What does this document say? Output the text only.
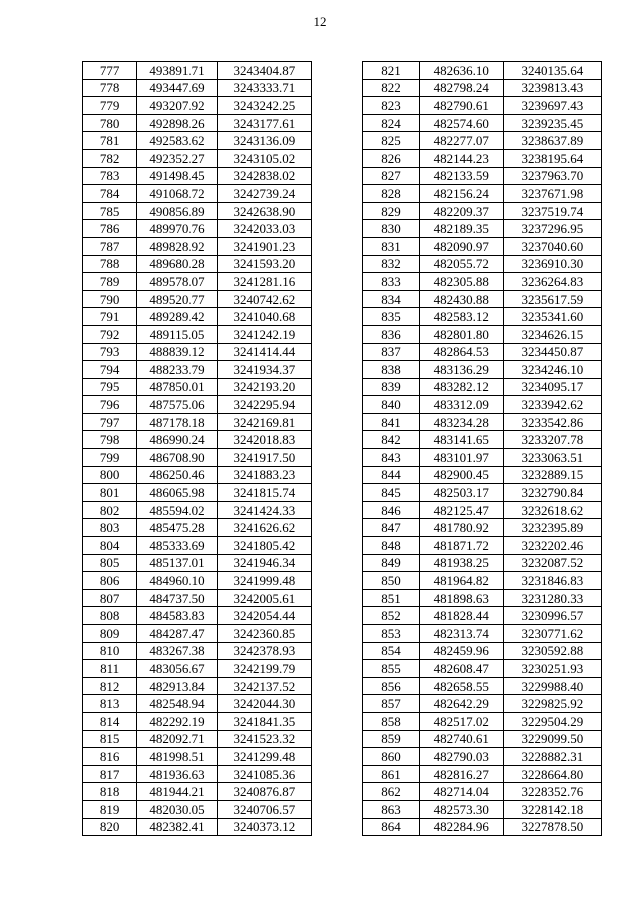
12
777	493891.71	3243404.87
778	493447.69	3243333.71
779	493207.92	3243242.25
780	492898.26	3243177.61
781	492583.62	3243136.09
782	492352.27	3243105.02
783	491498.45	3242838.02
784	491068.72	3242739.24
785	490856.89	3242638.90
786	489970.76	3242033.03
787	489828.92	3241901.23
788	489680.28	3241593.20
789	489578.07	3241281.16
790	489520.77	3240742.62
791	489289.42	3241040.68
792	489115.05	3241242.19
793	488839.12	3241414.44
794	488233.79	3241934.37
795	487850.01	3242193.20
796	487575.06	3242295.94
797	487178.18	3242169.81
798	486990.24	3242018.83
799	486708.90	3241917.50
800	486250.46	3241883.23
801	486065.98	3241815.74
802	485594.02	3241424.33
803	485475.28	3241626.62
804	485333.69	3241805.42
805	485137.01	3241946.34
806	484960.10	3241999.48
807	484737.50	3242005.61
808	484583.83	3242054.44
809	484287.47	3242360.85
810	483267.38	3242378.93
811	483056.67	3242199.79
812	482913.84	3242137.52
813	482548.94	3242044.30
814	482292.19	3241841.35
815	482092.71	3241523.32
816	481998.51	3241299.48
817	481936.63	3241085.36
818	481944.21	3240876.87
819	482030.05	3240706.57
820	482382.41	3240373.12
821	482636.10	3240135.64
822	482798.24	3239813.43
823	482790.61	3239697.43
824	482574.60	3239235.45
825	482277.07	3238637.89
826	482144.23	3238195.64
827	482133.59	3237963.70
828	482156.24	3237671.98
829	482209.37	3237519.74
830	482189.35	3237296.95
831	482090.97	3237040.60
832	482055.72	3236910.30
833	482305.88	3236264.83
834	482430.88	3235617.59
835	482583.12	3235341.60
836	482801.80	3234626.15
837	482864.53	3234450.87
838	483136.29	3234246.10
839	483282.12	3234095.17
840	483312.09	3233942.62
841	483234.28	3233542.86
842	483141.65	3233207.78
843	483101.97	3233063.51
844	482900.45	3232889.15
845	482503.17	3232790.84
846	482125.47	3232618.62
847	481780.92	3232395.89
848	481871.72	3232202.46
849	481938.25	3232087.52
850	481964.82	3231846.83
851	481898.63	3231280.33
852	481828.44	3230996.57
853	482313.74	3230771.62
854	482459.96	3230592.88
855	482608.47	3230251.93
856	482658.55	3229988.40
857	482642.29	3229825.92
858	482517.02	3229504.29
859	482740.61	3229099.50
860	482790.03	3228882.31
861	482816.27	3228664.80
862	482714.04	3228352.76
863	482573.30	3228142.18
864	482284.96	3227878.50
